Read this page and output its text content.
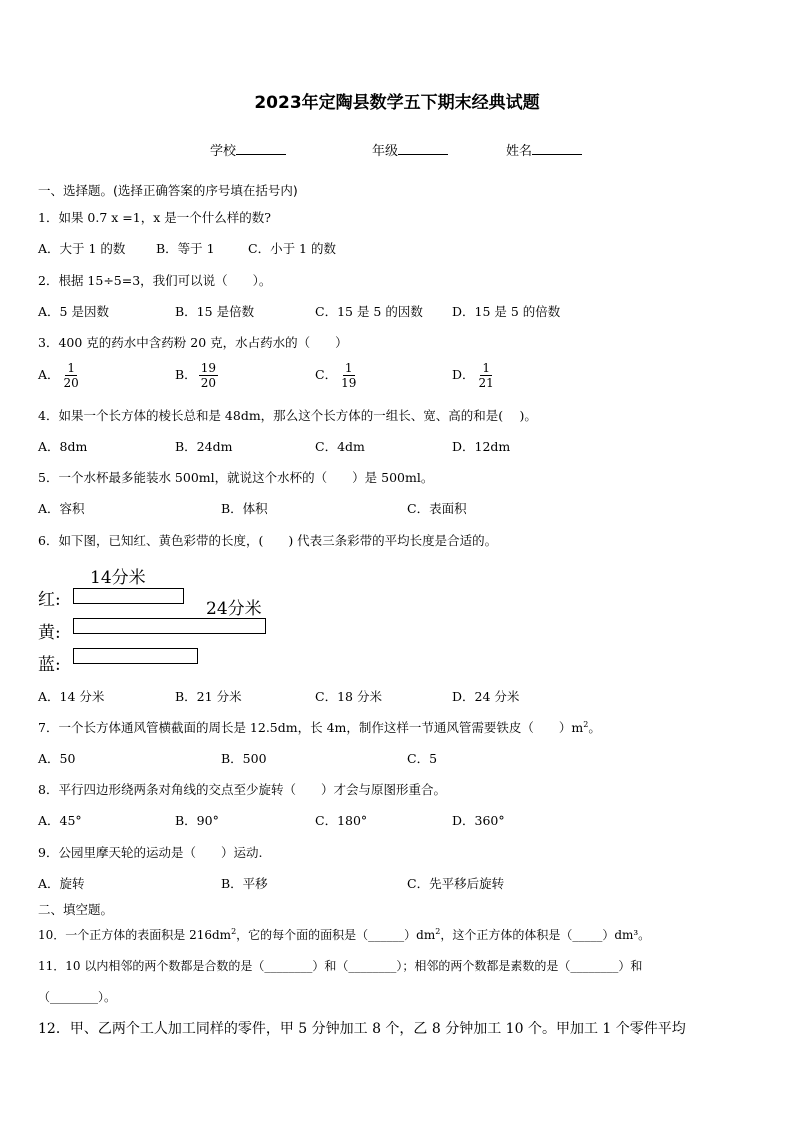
2023年定陶县数学五下期末经典试题
学校	年级	姓名
一、选择题。(选择正确答案的序号填在括号内)
1．如果 0.7 x =1，x 是一个什么样的数?
A．大于 1 的数 B．等于 1	C．小于 1 的数
2．根据 15÷5=3，我们可以说（　　）。
A．5 是因数	B．15 是倍数	C．15 是 5 的因数 D．15 是 5 的倍数
3．400 克的药水中含药粉 20 克，水占药水的（　　）
A． $\frac{1}{20}$	B． $\frac{19}{20}$	C． $\frac{1}{19}$	D． $\frac{1}{21}$
4．如果一个长方体的棱长总和是 48dm，那么这个长方体的一组长、宽、高的和是(　 )。
A．8dm	B．24dm	C．4dm	D．12dm
5．一个水杯最多能装水 500ml，就说这个水杯的（　　）是 500ml。
A．容积	B．体积	C．表面积
6．如下图，已知红、黄色彩带的长度，(　　) 代表三条彩带的平均长度是合适的。
14分米
24分米
红:
黄:
蓝:
A．14 分米	B．21 分米	C．18 分米	D．24 分米
7．一个长方体通风管横截面的周长是 12.5dm，长 4m，制作这样一节通风管需要铁皮（　　）$m^2$。
A．50	B．500	C．5
8．平行四边形绕两条对角线的交点至少旋转（　　）才会与原图形重合。
A．45°	B．90°	C．180°	D．360°
9．公园里摩天轮的运动是（　　）运动.
A．旋转	B．平移	C．先平移后旋转
二、填空题。
10．一个正方体的表面积是 $216dm^2$，它的每个面的面积是$(\_\_\_\_\_\_)dm^2$，这个正方体的体积是（_____）dm³。
11．10 以内相邻的两个数都是合数的是（________）和（________）；相邻的两个数都是素数的是（________）和
（________）。
12．甲、乙两个工人加工同样的零件，甲 5 分钟加工 8 个，乙 8 分钟加工 10 个。甲加工 1 个零件平均
